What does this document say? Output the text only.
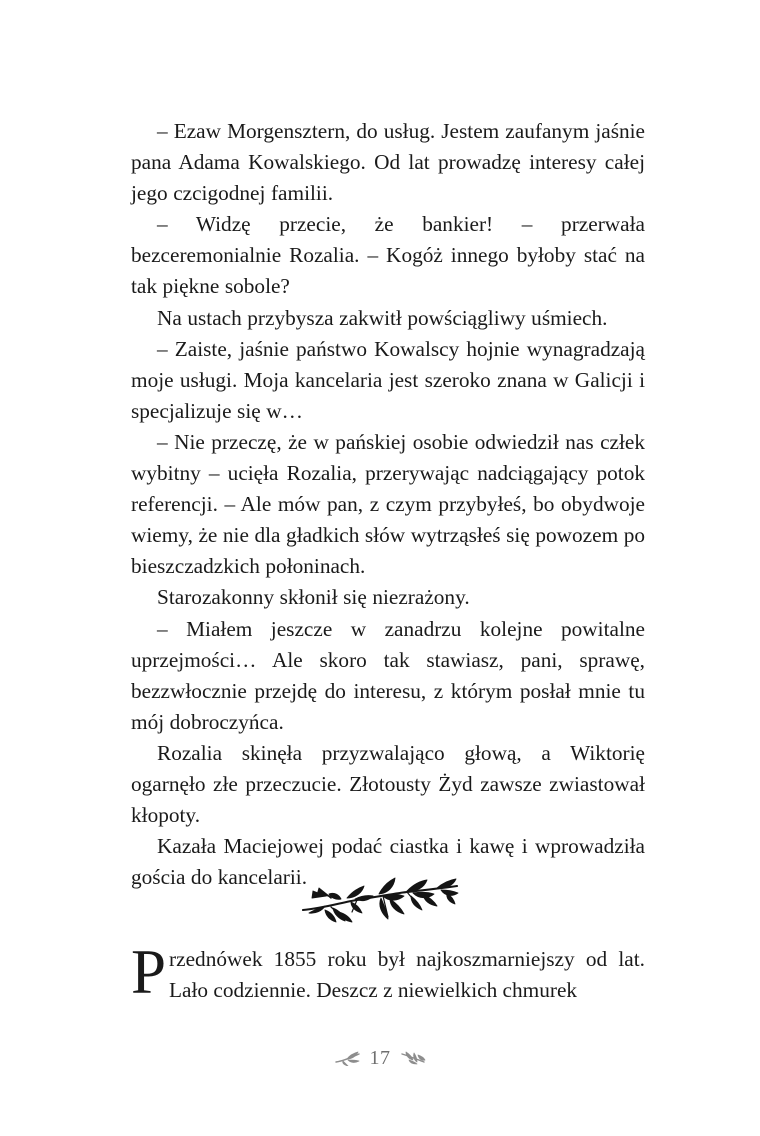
– Ezaw Morgensztern, do usług. Jestem zaufanym jaśnie pana Adama Kowalskiego. Od lat prowadzę interesy całej jego czcigodnej familii.

– Widzę przecie, że bankier! – przerwała bezceremonialnie Rozalia. – Kogóż innego byłoby stać na tak piękne sobole?

Na ustach przybysza zakwitł powściągliwy uśmiech.

– Zaiste, jaśnie państwo Kowalscy hojnie wynagradzają moje usługi. Moja kancelaria jest szeroko znana w Galicji i specjalizuje się w…

– Nie przeczę, że w pańskiej osobie odwiedził nas człek wybitny – ucięła Rozalia, przerywając nadciągający potok referencji. – Ale mów pan, z czym przybyłeś, bo obydwoje wiemy, że nie dla gładkich słów wytrząsłeś się powozem po bieszczadzkich połoninach.

Starozakonny skłonił się niezrażony.

– Miałem jeszcze w zanadrzu kolejne powitalne uprzejmości… Ale skoro tak stawiasz, pani, sprawę, bezzwłocznie przejdę do interesu, z którym posłał mnie tu mój dobroczyńca.

Rozalia skinęła przyzwalająco głową, a Wiktorię ogarnęło złe przeczucie. Złotousty Żyd zawsze zwiastował kłopoty.

Kazała Maciejowej podać ciastka i kawę i wprowadziła gościa do kancelarii.

Przednówek 1855 roku był najkoszmarniejszy od lat. Lało codziennie. Deszcz z niewielkich chmurek

17
